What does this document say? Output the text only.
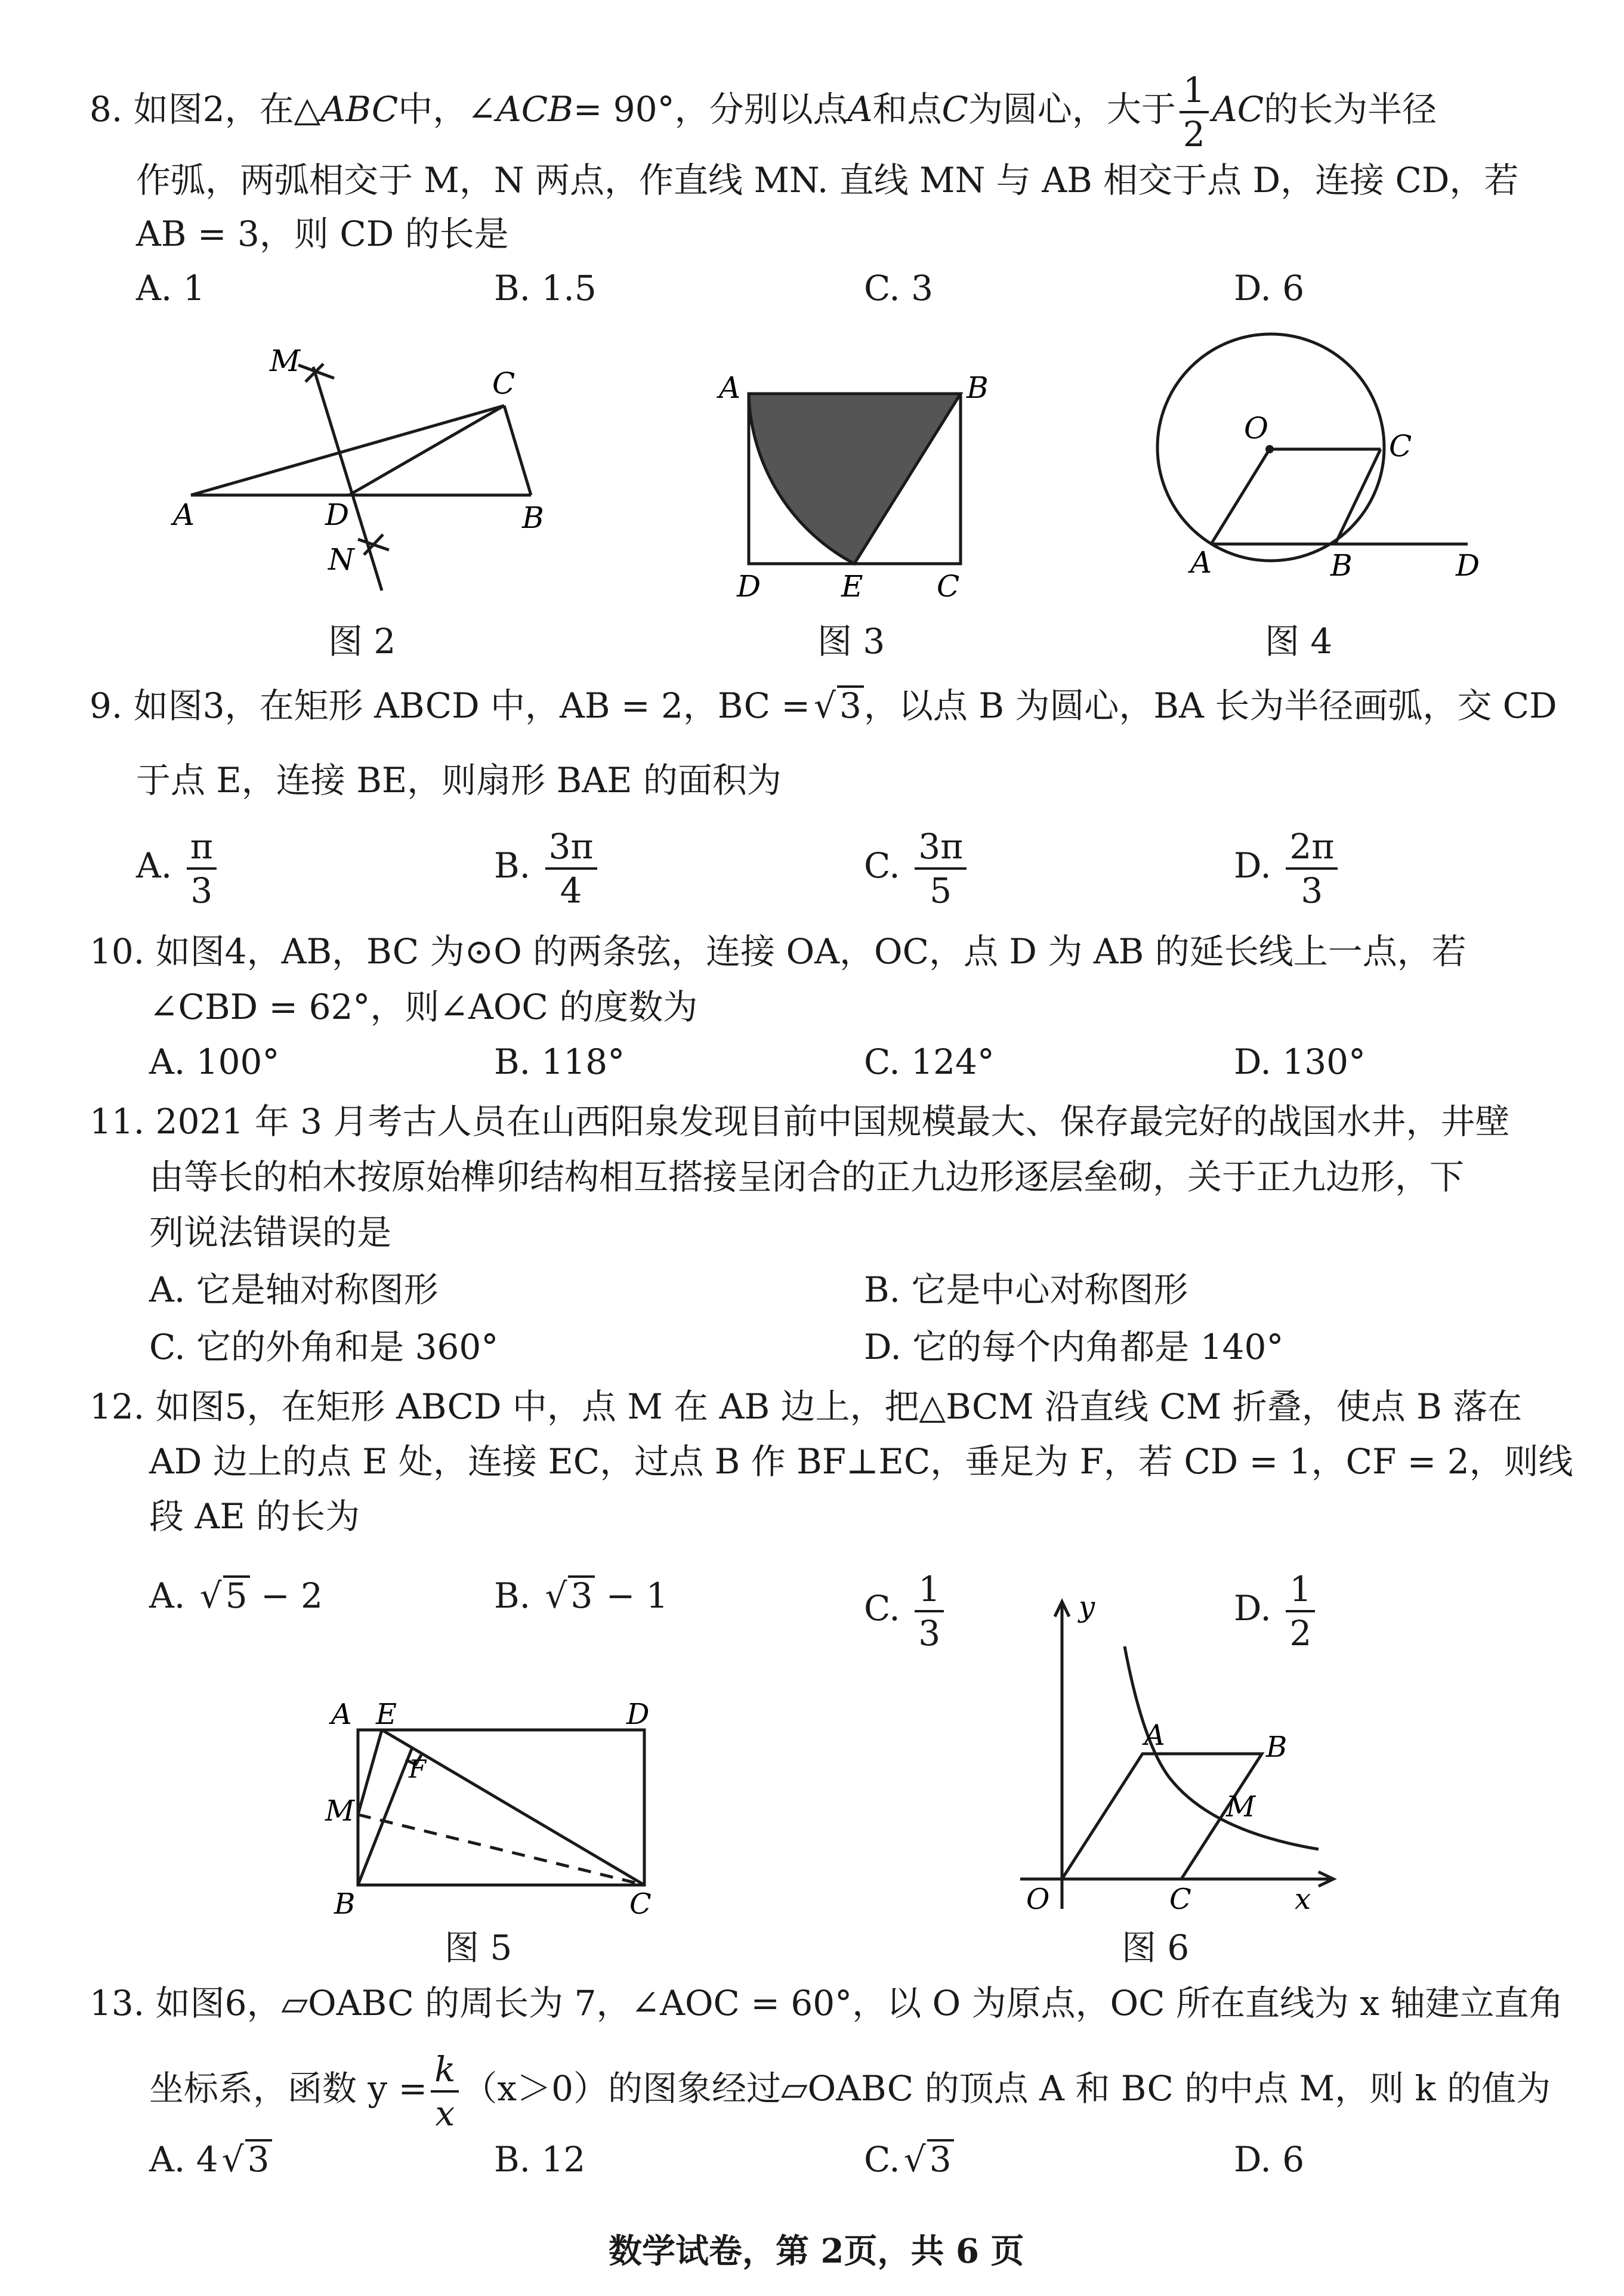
8. 如图2，在△ABC中，∠ACB= 90°，分别以点A和点C为圆心，大于 $\frac{1}{2}$ AC的长为半径
作弧，两弧相交于 M，N 两点，作直线 MN. 直线 MN 与 AB 相交于点 D，连接 CD，若
AB = 3，则 CD 的长是
A. 1	B. 1.5	C. 3	D. 6
M
C
A	D	B
N
图 2
A	B
D	E C
图 3
O
C
A	B	D
图 4
9. 如图3，在矩形 ABCD 中，AB = 2，BC = √ 3，以点 B 为圆心，BA 长为半径画弧，交 CD
于点 E，连接 BE，则扇形 BAE 的面积为
A. $\frac{\pi}{3}$	B. $\frac{3\pi}{4}$	C. $\frac{3\pi}{5}$	D. $\frac{2\pi}{3}$
10. 如图4，AB，BC 为⊙O 的两条弦，连接 OA，OC，点 D 为 AB 的延长线上一点，若
∠CBD = 62°，则∠AOC 的度数为
A. 100°	B. 118°	C. 124°	D. 130°
11. 2021 年 3 月考古人员在山西阳泉发现目前中国规模最大、保存最完好的战国水井，井壁
由等长的柏木按原始榫卯结构相互搭接呈闭合的正九边形逐层垒砌，关于正九边形，下
列说法错误的是
A. 它是轴对称图形	B. 它是中心对称图形
C. 它的外角和是 360°	D. 它的每个内角都是 140°
12. 如图5，在矩形 ABCD 中，点 M 在 AB 边上，把△BCM 沿直线 CM 折叠，使点 B 落在
AD 边上的点 E 处，连接 EC，过点 B 作 BF⊥EC，垂足为 F，若 CD = 1，CF = 2，则线
段 AE 的长为
A. √ 5 − 2	B. √ 3 − 1	C. $\frac{1}{3}$	D. $\frac{1}{2}$
A E	D
M
F
B	C
图 5
y
A	B
M
O	C	x
图 6
13. 如图6，▱OABC 的周长为 7，∠AOC = 60°，以 O 为原点，OC 所在直线为 x 轴建立直角
坐标系，函数 $y = \frac{k}{x} (x>0)$的图象经过▱OABC 的顶点 A 和 BC 的中点 M，则 k 的值为
A. 4 √ 3	B. 12	C. √ 3	D. 6
数学试卷，第 2页，共 6 页
